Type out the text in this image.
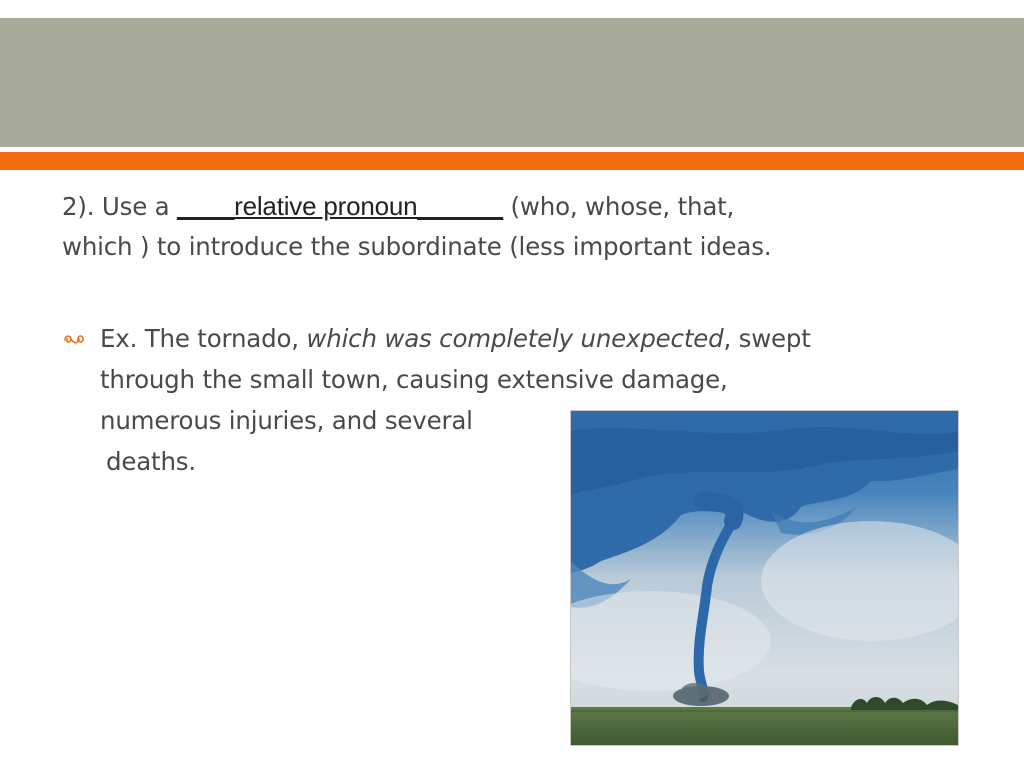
2). Use a ____relative pronoun______ (who, whose, that,
which ) to introduce the subordinate (less important ideas.
Ex. The tornado, which was completely unexpected, swept
through the small town, causing extensive damage,
numerous injuries, and several
deaths.
